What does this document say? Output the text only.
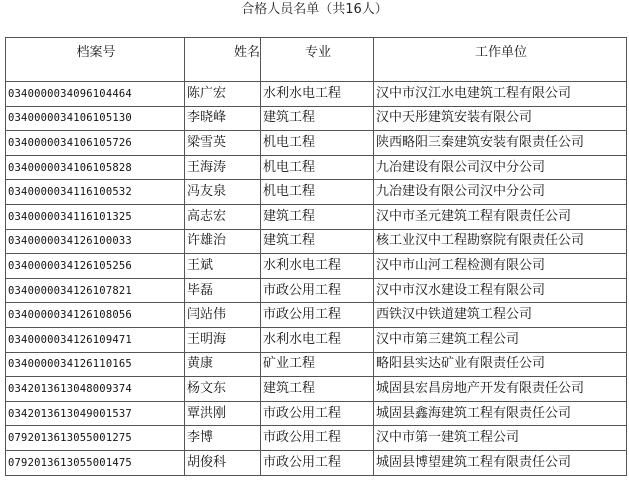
合格人员名单（共16人）
档案号	姓名	专业	工作单位
0340000034096104464	陈广宏	水利水电工程	汉中市汉江水电建筑工程有限公司
0340000034106105130	李晓峰	建筑工程	汉中天彤建筑安装有限公司
0340000034106105726	梁雪英	机电工程	陕西略阳三秦建筑安装有限责任公司
0340000034106105828	王海涛	机电工程	九冶建设有限公司汉中分公司
0340000034116100532	冯友泉	机电工程	九冶建设有限公司汉中分公司
0340000034116101325	高志宏	建筑工程	汉中市圣元建筑工程有限责任公司
0340000034126100033	许雄治	建筑工程	核工业汉中工程勘察院有限责任公司
0340000034126105256	王斌	水利水电工程	汉中市山河工程检测有限公司
0340000034126107821	毕磊	市政公用工程	汉中市汉水建设工程有限公司
0340000034126108056	闫站伟	市政公用工程	西铁汉中铁道建筑工程公司
0340000034126109471	王明海	水利水电工程	汉中市第三建筑工程公司
0340000034126110165	黄康	矿业工程	略阳县实达矿业有限责任公司
0342013613048009374	杨文东	建筑工程	城固县宏昌房地产开发有限责任公司
0342013613049001537	覃洪刚	市政公用工程	城固县鑫海建筑工程有限责任公司
0792013613055001275	李博	市政公用工程	汉中市第一建筑工程公司
0792013613055001475	胡俊科	市政公用工程	城固县博望建筑工程有限责任公司
